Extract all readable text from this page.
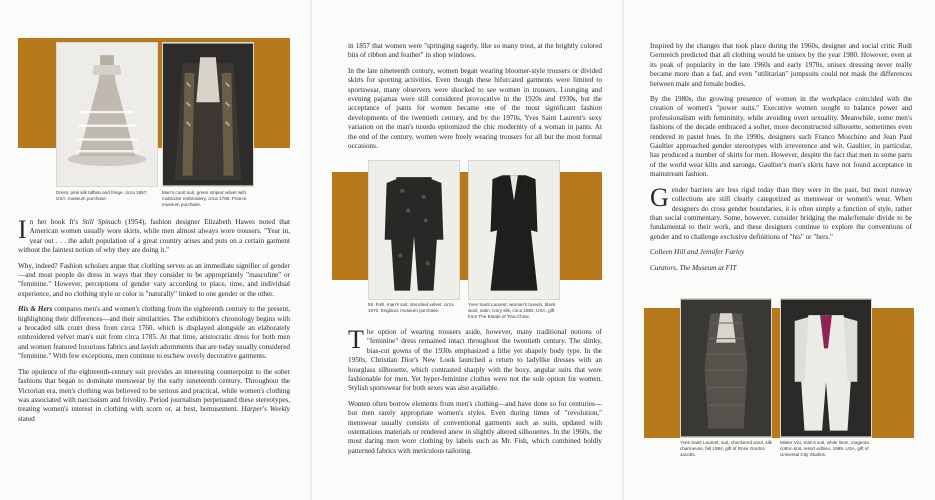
Dress, pink silk taffeta and fringe, circa 1857, USA, museum purchase.
Man's court suit, green striped velvet with multicolor embroidery, circa 1785, France, museum purchase.

In her book It's Still Spinach (1954), fashion designer Elizabeth Hawes noted that American women usually wore skirts, while men almost always wore trousers. "Year in, year out . . . the adult population of a great country arises and puts on a certain garment without the faintest notion of why they are doing it."

Why, indeed? Fashion scholars argue that clothing serves as an immediate signifier of gender—and most people do dress in ways that they consider to be appropriately "masculine" or "feminine." However, perceptions of gender vary according to place, time, and individual experience, and no clothing style or color is "naturally" linked to one gender or the other.

His & Hers compares men's and women's clothing from the eighteenth century to the present, highlighting their differences—and their similarities. The exhibition's chronology begins with a brocaded silk court dress from circa 1760, which is displayed alongside an elaborately embroidered velvet man's suit from circa 1785. At that time, aristocratic dress for both men and women featured luxurious fabrics and lavish adornments that are today usually considered "feminine." With few exceptions, men continue to eschew overly decorative garments.

The opulence of the eighteenth-century suit provides an interesting counterpoint to the sober fashions that began to dominate menswear by the early nineteenth century. Throughout the Victorian era, men's clothing was believed to be serious and practical, while women's clothing was associated with narcissism and frivolity. Period journalism perpetuated these stereotypes, treating women's interest in clothing with scorn or, at best, bemusement. Harper's Weekly stated

in 1857 that women were "springing eagerly, like so many trout, at the brightly colored bits of ribbon and feather" in shop windows.

In the late nineteenth century, women began wearing bloomer-style trousers or divided skirts for sporting activities. Even though these bifurcated garments were limited to sportswear, many observers were shocked to see women in trousers. Lounging and evening pajamas were still considered provocative in the 1920s and 1930s, but the acceptance of pants for women became one of the most significant fashion developments of the twentieth century, and by the 1970s, Yves Saint Laurent's sexy variation on the man's tuxedo epitomized the chic modernity of a woman in pants. At the end of the century, women were freely wearing trousers for all but the most formal occasions.

Mr. Fish, man's suit, stenciled velvet, circa 1970, England, museum purchase.
Yves Saint Laurent, woman's tuxedo, black wool, satin, ivory silk, circa 1982, USA, gift from The Estate of Tina Chow.

The option of wearing trousers aside, however, many traditional notions of "feminine" dress remained intact throughout the twentieth century. The slinky, bias-cut gowns of the 1930s emphasized a lithe yet shapely body type. In the 1950s, Christian Dior's New Look launched a return to ladylike dresses with an hourglass silhouette, which contrasted sharply with the boxy, angular suits that were fashionable for men. Yet hyper-feminine clothes were not the sole option for women. Stylish sportswear for both sexes was also available.

Women often borrow elements from men's clothing—and have done so for centuries—but men rarely appropriate women's styles. Even during times of "revolution," menswear usually consists of conventional garments such as suits, updated with ostentatious materials or rendered anew in slightly altered silhouettes. In the 1960s, the most daring men wore clothing by labels such as Mr. Fish, which combined boldly patterned fabrics with meticulous tailoring.

Inspired by the changes that took place during the 1960s, designer and social critic Rudi Gernreich predicted that all clothing would be unisex by the year 1980. However, even at its peak of popularity in the late 1960s and early 1970s, unisex dressing never really became more than a fad, and even "utilitarian" jumpsuits could not mask the differences between male and female bodies.

By the 1980s, the growing presence of women in the workplace coincided with the creation of women's "power suits." Executive women sought to balance power and professionalism with femininity, while avoiding overt sexuality. Meanwhile, some men's fashions of the decade embraced a softer, more deconstructed silhouette, sometimes even rendered in pastel hues. In the 1990s, designers such Franco Moschino and Jean Paul Gaultier approached gender stereotypes with irreverence and wit. Gaultier, in particular, has produced a number of skirts for men. However, despite the fact that men in some parts of the world wear kilts and sarongs, Gaultier's men's skirts have not found acceptance in mainstream fashion.

Gender barriers are less rigid today than they were in the past, but most runway collections are still clearly categorized as menswear or women's wear. When designers do cross gender boundaries, it is often simply a function of style, rather than social commentary. Some, however, consider bridging the male/female divide to be fundamental to their work, and these designers continue to explore the conventions of gender and to challenge exclusive definitions of "his" or "hers."

Colleen Hill and Jennifer Farley

Curators, The Museum at FIT

Yves Saint Laurent, suit, checkered wool, silk charmeuse, fall 1984, gift of Rose Gordon Jacobs.
Mister Vici, man's suit, white linen, magenta cotton knit, resort edition, 1989, USA, gift of Universal City Studios.
